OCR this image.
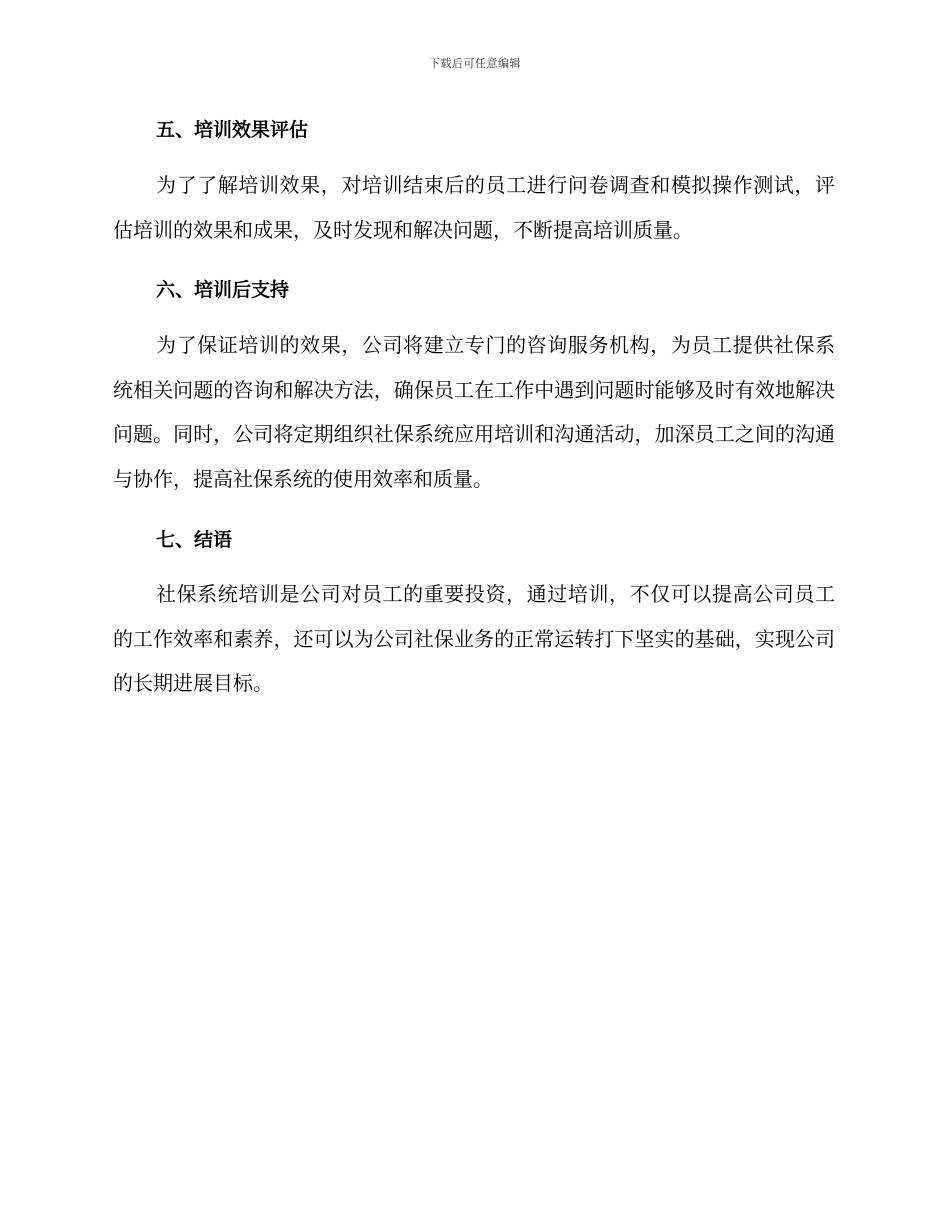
下载后可任意编辑
五、培训效果评估
为了了解培训效果，对培训结束后的员工进行问卷调查和模拟操作测试，评估培训的效果和成果，及时发现和解决问题，不断提高培训质量。
六、培训后支持
为了保证培训的效果，公司将建立专门的咨询服务机构，为员工提供社保系统相关问题的咨询和解决方法，确保员工在工作中遇到问题时能够及时有效地解决问题。同时，公司将定期组织社保系统应用培训和沟通活动，加深员工之间的沟通与协作，提高社保系统的使用效率和质量。
七、结语
社保系统培训是公司对员工的重要投资，通过培训，不仅可以提高公司员工的工作效率和素养，还可以为公司社保业务的正常运转打下坚实的基础，实现公司的长期进展目标。
